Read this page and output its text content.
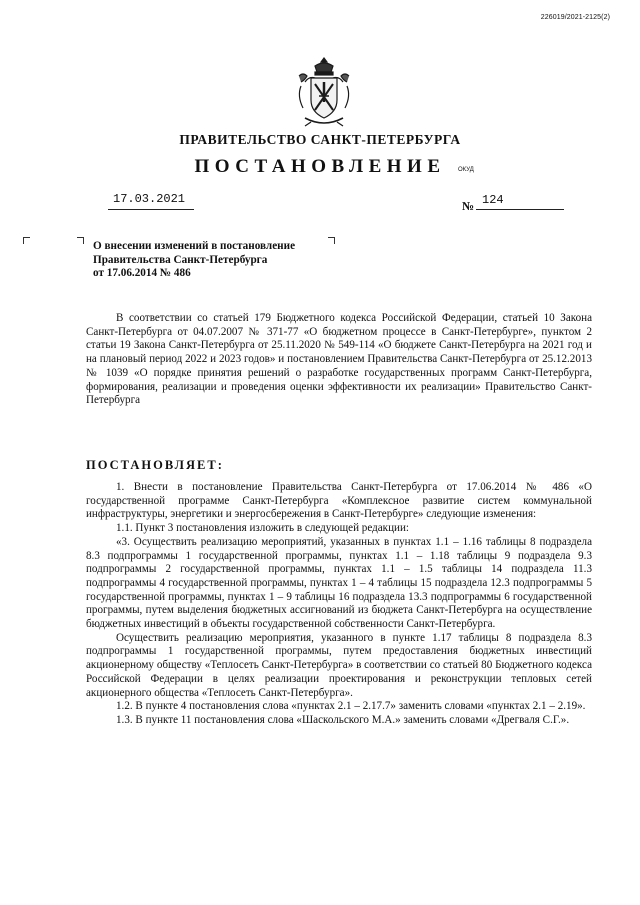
226019/2021-2125(2)
ПРАВИТЕЛЬСТВО САНКТ-ПЕТЕРБУРГА
ПОСТАНОВЛЕНИЕ	ОКУД
17.03.2021	№ 124
О внесении изменений в постановление
Правительства Санкт-Петербурга
от 17.06.2014 № 486

В соответствии со статьей 179 Бюджетного кодекса Российской Федерации, статьей 10 Закона Санкт-Петербурга от 04.07.2007 № 371-77 «О бюджетном процессе в Санкт-Петербурге», пунктом 2 статьи 19 Закона Санкт-Петербурга от 25.11.2020 № 549-114 «О бюджете Санкт-Петербурга на 2021 год и на плановый период 2022 и 2023 годов» и постановлением Правительства Санкт-Петербурга от 25.12.2013 № 1039 «О порядке принятия решений о разработке государственных программ Санкт-Петербурга, формирования, реализации и проведения оценки эффективности их реализации» Правительство Санкт-Петербурга

ПОСТАНОВЛЯЕТ:

1. Внести в постановление Правительства Санкт-Петербурга от 17.06.2014 № 486 «О государственной программе Санкт-Петербурга «Комплексное развитие систем коммунальной инфраструктуры, энергетики и энергосбережения в Санкт-Петербурге» следующие изменения:

1.1. Пункт 3 постановления изложить в следующей редакции:

«3. Осуществить реализацию мероприятий, указанных в пунктах 1.1 – 1.16 таблицы 8 подраздела 8.3 подпрограммы 1 государственной программы, пунктах 1.1 – 1.18 таблицы 9 подраздела 9.3 подпрограммы 2 государственной программы, пунктах 1.1 – 1.5 таблицы 14 подраздела 11.3 подпрограммы 4 государственной программы, пунктах 1 – 4 таблицы 15 подраздела 12.3 подпрограммы 5 государственной программы, пунктах 1 – 9 таблицы 16 подраздела 13.3 подпрограммы 6 государственной программы, путем выделения бюджетных ассигнований из бюджета Санкт-Петербурга на осуществление бюджетных инвестиций в объекты государственной собственности Санкт-Петербурга.

Осуществить реализацию мероприятия, указанного в пункте 1.17 таблицы 8 подраздела 8.3 подпрограммы 1 государственной программы, путем предоставления бюджетных инвестиций акционерному обществу «Теплосеть Санкт-Петербурга» в соответствии со статьей 80 Бюджетного кодекса Российской Федерации в целях реализации проектирования и реконструкции тепловых сетей акционерного общества «Теплосеть Санкт-Петербурга».

1.2. В пункте 4 постановления слова «пунктах 2.1 – 2.17.7» заменить словами «пунктах 2.1 – 2.19».

1.3. В пункте 11 постановления слова «Шаскольского М.А.» заменить словами «Дрегваля С.Г.».
